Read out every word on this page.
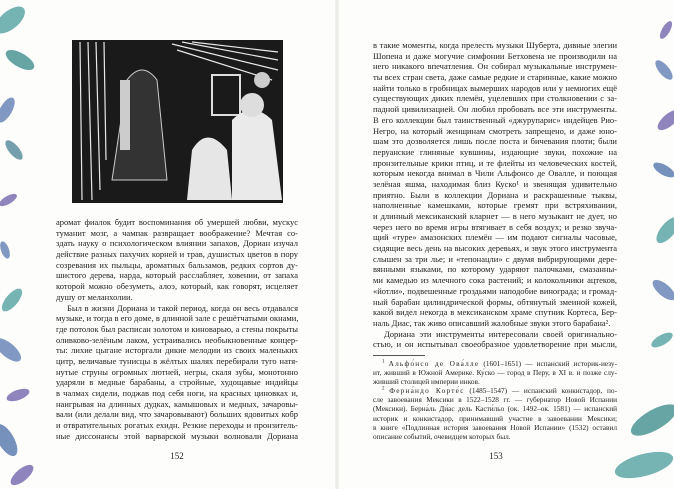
аромат фиалок будит воспоминания об умершей любви, мускус
туманит мозг, а чампак развращает воображение? Мечтая со-
здать науку о психологическом влиянии запахов, Дориан изучал
действие разных пахучих корней и трав, душистых цветов в пору
созревания их пыльцы, ароматных бальзамов, редких сортов ду-
шистого дерева, нарда, который расслабляет, ховении, от запаха
которой можно обезуметь, алоэ, который, как говорят, исцеляет
душу от меланхолии.
Был в жизни Дориана и такой период, когда он весь отдавался
музыке, и тогда в его доме, в длинной зале с решётчатыми окнами,
где потолок был расписан золотом и киноварью, а стены покрыты
оливково-зелёным лаком, устраивались необыкновенные концер-
ты: лихие цыгане исторгали дикие мелодии из своих маленьких
цитр, величавые тунисцы в жёлтых шалях перебирали туго натя-
нутые струны огромных лютней, негры, скаля зубы, монотонно
ударяли в медные барабаны, а стройные, худощавые индийцы
в чалмах сидели, поджав под себя ноги, на красных циновках и,
наигрывая на длинных дудках, камышовых и медных, зачаровы-
вали (или делали вид, что зачаровывают) больших ядовитых кобр
и отвратительных рогатых ехидн. Резкие переходы и пронзитель-
ные диссонансы этой варварской музыки волновали Дориана
в такие моменты, когда прелесть музыки Шуберта, дивные элегии
Шопена и даже могучие симфонии Бетховена не производили на
него никакого впечатления. Он собирал музыкальные инструмен-
ты всех стран света, даже самые редкие и старинные, какие можно
найти только в гробницах вымерших народов или у немногих ещё
существующих диких племён, уцелевших при столкновении с за-
падной цивилизацией. Он любил пробовать все эти инструменты.
В его коллекции был таинственный «джурупарис» индейцев Рио-
Негро, на который женщинам смотреть запрещено, и даже юно-
шам это дозволяется лишь после поста и бичевания плоти; были
перуанские глиняные кувшины, издающие звуки, похожие на
пронзительные крики птиц, и те флейты из человеческих костей,
которым некогда внимал в Чили Альфонсо де Овалле, и поющая
зелёная яшма, находимая близ Куско¹ и звенящая удивительно
приятно. Были в коллекции Дориана и раскрашенные тыквы,
наполненные камешками, которые гремят при встряхивании,
и длинный мексиканский кларнет — в него музыкант не дует, но
через него во время игры втягивает в себя воздух; и резко звуча-
щий «туре» амазонских племён — им подают сигналы часовые,
сидящие весь день на высоких деревьях, и звук этого инструмента
слышен за три лье; и «тепонацли» с двумя вибрирующими дере-
вянными языками, по которому ударяют палочками, смазанны-
ми камедью из млечного сока растений; и колокольчики ацтеков,
«йотли», подвешенные гроздьями наподобие винограда; и громад-
ный барабан цилиндрической формы, обтянутый змеиной кожей,
какой видел некогда в мексиканском храме спутник Кортеса, Бер-
наль Диас, так живо описавший жалобные звуки этого барабана².
Дориана эти инструменты интересовали своей оригинально-
стью, и он испытывал своеобразное удовлетворение при мысли,
$^1$ Альфо́нсо де Ова́лле (1601–1651) — испанский историк-иезу-
ит, живший в Южной Америке. Ку́ско — город в Перу, в XI в. и позже слу-
живший столицей империи инков.
$^2$ Ферна́ндо Корте́с (1485–1547) — испанский конкистадор, по-
сле завоевания Мексики в 1522–1528 гг. — губернатор Новой Испании
(Мексики). Берна́ль Ди́ас дель Касти́льо (ок. 1492–ок. 1581) — испанский
историк и конкистадор, принимавший участие в завоевании Мексики;
в книге «Подлинная история завоевания Новой Испании» (1532) оставил
описание событий, очевидцем которых был.
152	153
